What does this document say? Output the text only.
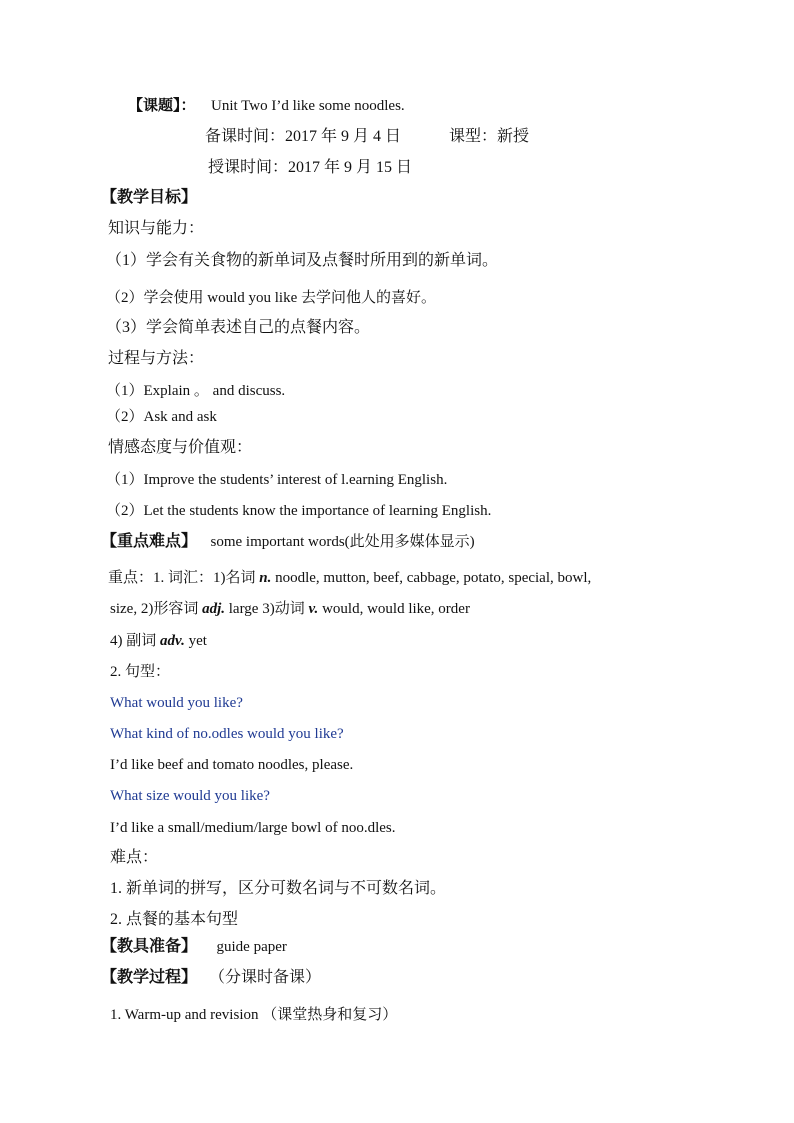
【课题】： Unit Two I’d like some noodles.
备课时间：2017 年 9 月 4 日	课型：新授
授课时间：2017 年 9 月 15 日
【教学目标】
知识与能力：
（1）学会有关食物的新单词及点餐时所用到的新单词。
（2）学会使用 would you like 去学问他人的喜好。
（3）学会简单表述自己的点餐内容。
过程与方法：
（1）Explain 。 and discuss.
（2）Ask and ask
情感态度与价值观：
（1）Improve the students’ interest of l.earning English.
（2）Let the students know the importance of learning English.
【重点难点】 some important words(此处用多媒体显示)
重点：1. 词汇：1)名词 n. noodle, mutton, beef, cabbage, potato, special, bowl,
size, 2)形容词 adj. large 3)动词 v. would, would like, order
4) 副词 adv. yet
2. 句型：
What would you like?
What kind of no.odles would you like?
I’d like beef and tomato noodles, please.
What size would you like?
I’d like a small/medium/large bowl of noo.dles.
难点：
1. 新单词的拼写，区分可数名词与不可数名词。
2. 点餐的基本句型
【教具准备】 guide paper
【教学过程】 （分课时备课）
1. Warm-up and revision （课堂热身和复习）
